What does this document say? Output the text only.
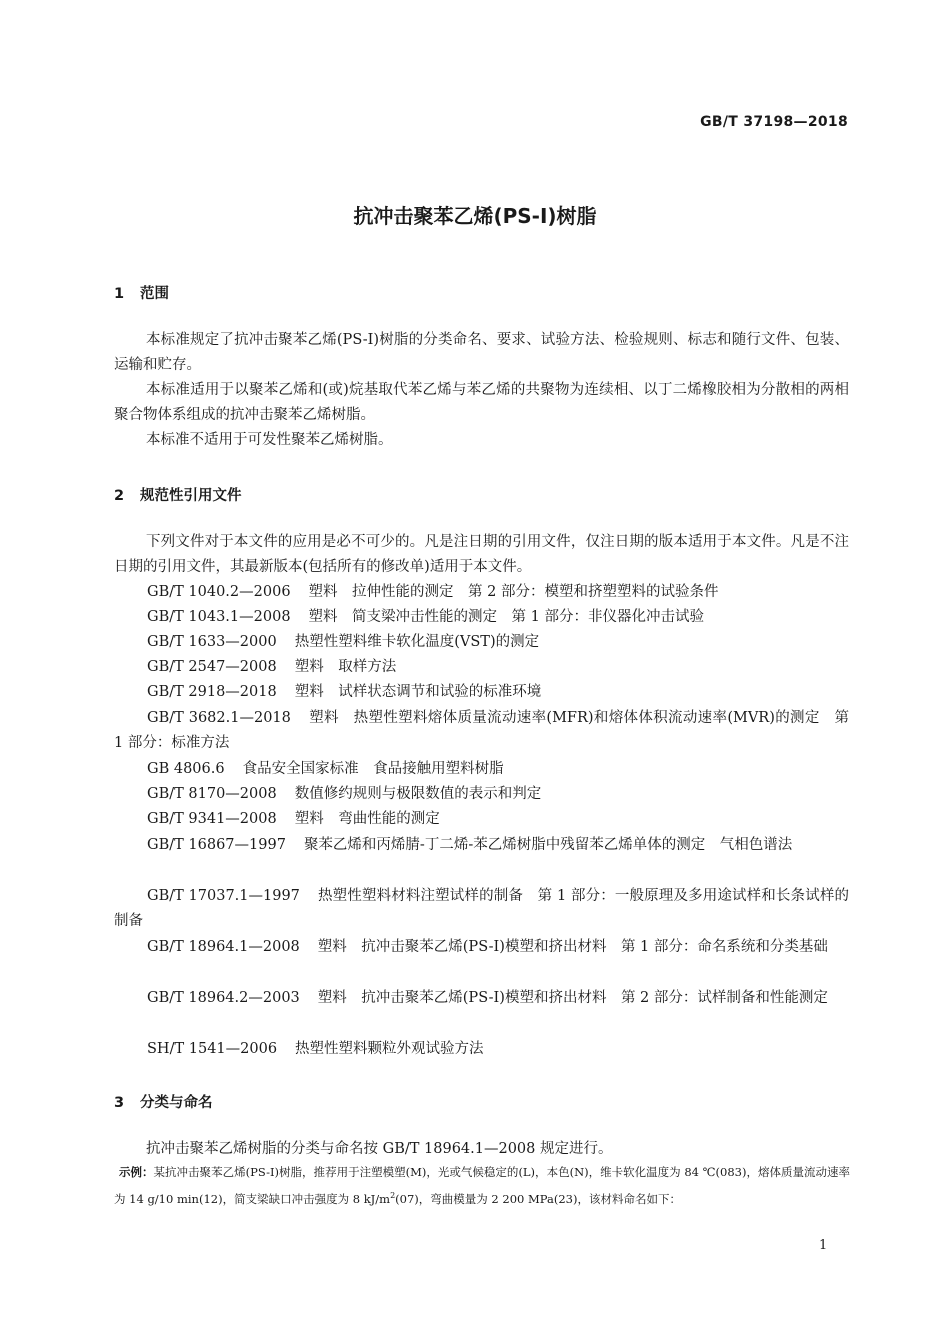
GB/T 37198—2018
抗冲击聚苯乙烯(PS-I)树脂
1 范围
本标准规定了抗冲击聚苯乙烯(PS-I)树脂的分类命名、要求、试验方法、检验规则、标志和随行文件、包装、运输和贮存。
本标准适用于以聚苯乙烯和(或)烷基取代苯乙烯与苯乙烯的共聚物为连续相、以丁二烯橡胶相为分散相的两相聚合物体系组成的抗冲击聚苯乙烯树脂。
本标准不适用于可发性聚苯乙烯树脂。
2 规范性引用文件
下列文件对于本文件的应用是必不可少的。凡是注日期的引用文件，仅注日期的版本适用于本文件。凡是不注日期的引用文件，其最新版本(包括所有的修改单)适用于本文件。
GB/T 1040.2—2006 塑料　拉伸性能的测定　第 2 部分：模塑和挤塑塑料的试验条件
GB/T 1043.1—2008 塑料　简支梁冲击性能的测定　第 1 部分：非仪器化冲击试验
GB/T 1633—2000 热塑性塑料维卡软化温度(VST)的测定
GB/T 2547—2008 塑料　取样方法
GB/T 2918—2018 塑料　试样状态调节和试验的标准环境
GB/T 3682.1—2018 塑料　热塑性塑料熔体质量流动速率(MFR)和熔体体积流动速率(MVR)的测定　第 1 部分：标准方法
GB 4806.6 食品安全国家标准　食品接触用塑料树脂
GB/T 8170—2008 数值修约规则与极限数值的表示和判定
GB/T 9341—2008 塑料　弯曲性能的测定
GB/T 16867—1997 聚苯乙烯和丙烯腈-丁二烯-苯乙烯树脂中残留苯乙烯单体的测定　气相色谱法
GB/T 17037.1—1997 热塑性塑料材料注塑试样的制备　第 1 部分：一般原理及多用途试样和长条试样的制备
GB/T 18964.1—2008 塑料　抗冲击聚苯乙烯(PS-I)模塑和挤出材料　第 1 部分：命名系统和分类基础
GB/T 18964.2—2003 塑料　抗冲击聚苯乙烯(PS-I)模塑和挤出材料　第 2 部分：试样制备和性能测定
SH/T 1541—2006 热塑性塑料颗粒外观试验方法
3 分类与命名
抗冲击聚苯乙烯树脂的分类与命名按 GB/T 18964.1—2008 规定进行。
示例：某抗冲击聚苯乙烯(PS-I)树脂，推荐用于注塑模塑(M)，光或气候稳定的(L)，本色(N)，维卡软化温度为 84 ℃(083)，熔体质量流动速率为 14 g/10 min(12)，简支梁缺口冲击强度为 8 $kJ/m^2(07)$，弯曲模量为 2 200 MPa(23)，该材料命名如下：
1
